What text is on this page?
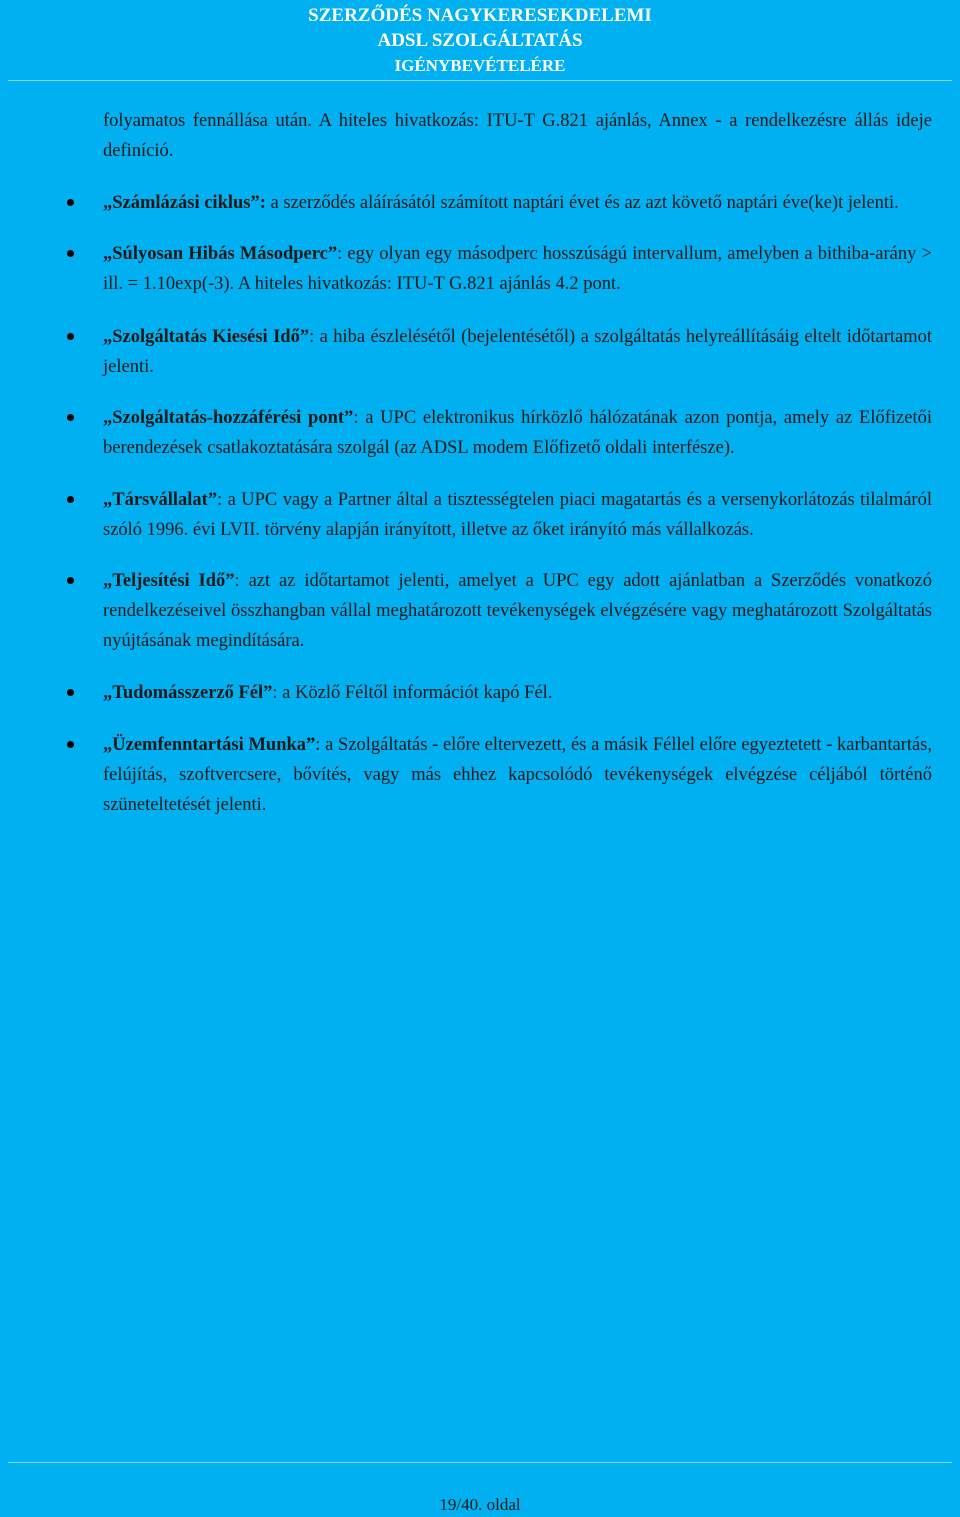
SZERZŐDÉS NAGYKERESEKDELEMI
ADSL SZOLGÁLTATÁS
IGÉNYBEVÉTELÉRE

folyamatos fennállása után. A hiteles hivatkozás: ITU-T G.821 ajánlás, Annex - a rendelkezésre állás ideje definíció.

„Számlázási ciklus”: a szerződés aláírásától számított naptári évet és az azt követő naptári éve(ke)t jelenti.
„Súlyosan Hibás Másodperc”: egy olyan egy másodperc hosszúságú intervallum, amelyben a bithiba-arány > ill. = 1.10exp(-3). A hiteles hivatkozás: ITU-T G.821 ajánlás 4.2 pont.
„Szolgáltatás Kiesési Idő”: a hiba észlelésétől (bejelentésétől) a szolgáltatás helyreállításáig eltelt időtartamot jelenti.
„Szolgáltatás-hozzáférési pont”: a UPC elektronikus hírközlő hálózatának azon pontja, amely az Előfizetői berendezések csatlakoztatására szolgál (az ADSL modem Előfizető oldali interfésze).
„Társvállalat”: a UPC vagy a Partner által a tisztességtelen piaci magatartás és a versenykorlátozás tilalmáról szóló 1996. évi LVII. törvény alapján irányított, illetve az őket irányító más vállalkozás.
„Teljesítési Idő”: azt az időtartamot jelenti, amelyet a UPC egy adott ajánlatban a Szerződés vonatkozó rendelkezéseivel összhangban vállal meghatározott tevékenységek elvégzésére vagy meghatározott Szolgáltatás nyújtásának megindítására.
„Tudomásszerző Fél”: a Közlő Féltől információt kapó Fél.
„Üzemfenntartási Munka”: a Szolgáltatás - előre eltervezett, és a másik Féllel előre egyeztetett - karbantartás, felújítás, szoftvercsere, bővítés, vagy más ehhez kapcsolódó tevékenységek elvégzése céljából történő szüneteltetését jelenti.
19/40. oldal
